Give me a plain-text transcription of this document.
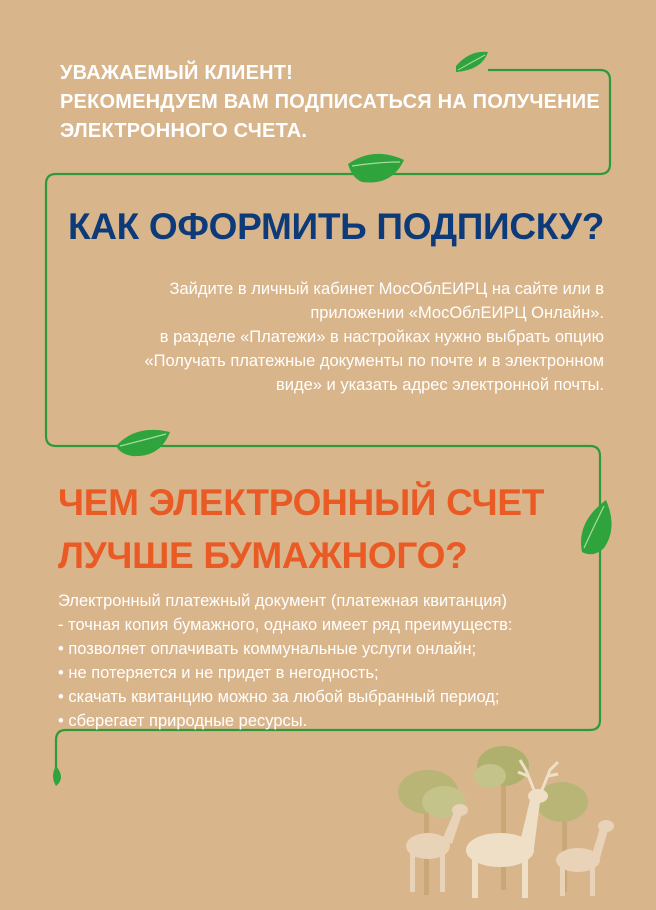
УВАЖАЕМЫЙ КЛИЕНТ!
РЕКОМЕНДУЕМ ВАМ ПОДПИСАТЬСЯ НА ПОЛУЧЕНИЕ
ЭЛЕКТРОННОГО СЧЕТА.
КАК ОФОРМИТЬ ПОДПИСКУ?
Зайдите в личный кабинет МосОблЕИРЦ на сайте или в
приложении «МосОблЕИРЦ Онлайн».
в разделе «Платежи» в настройках нужно выбрать опцию
«Получать платежные документы по почте и в электронном
виде» и указать адрес электронной почты.
ЧЕМ ЭЛЕКТРОННЫЙ СЧЕТ
ЛУЧШЕ БУМАЖНОГО?
Электронный платежный документ (платежная квитанция)
- точная копия бумажного, однако имеет ряд преимуществ:
• позволяет оплачивать коммунальные услуги онлайн;
• не потеряется и не придет в негодность;
• скачать квитанцию можно за любой выбранный период;
• сберегает природные ресурсы.
